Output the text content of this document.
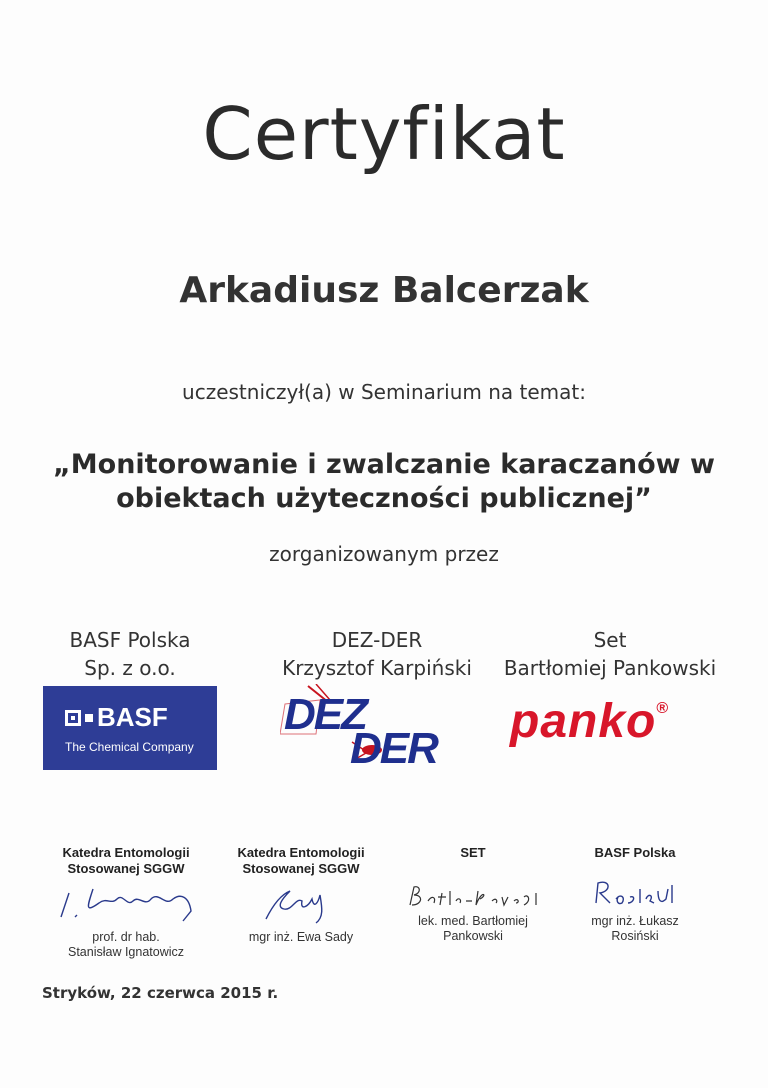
Certyfikat
Arkadiusz Balcerzak
uczestniczył(a) w Seminarium na temat:
„Monitorowanie i zwalczanie karaczanów w
obiektach użyteczności publicznej”
zorganizowanym przez
BASF Polska
Sp. z o.o.
DEZ-DER
Krzysztof Karpiński
Set
Bartłomiej Pankowski
BASF
The Chemical Company
DEZ
DER
panko®
Katedra Entomologii
Stosowanej SGGW
prof. dr hab.
Stanisław Ignatowicz
Katedra Entomologii
Stosowanej SGGW
mgr inż. Ewa Sady
SET
lek. med. Bartłomiej
Pankowski
BASF Polska
mgr inż. Łukasz
Rosiński
Stryków, 22 czerwca 2015 r.
